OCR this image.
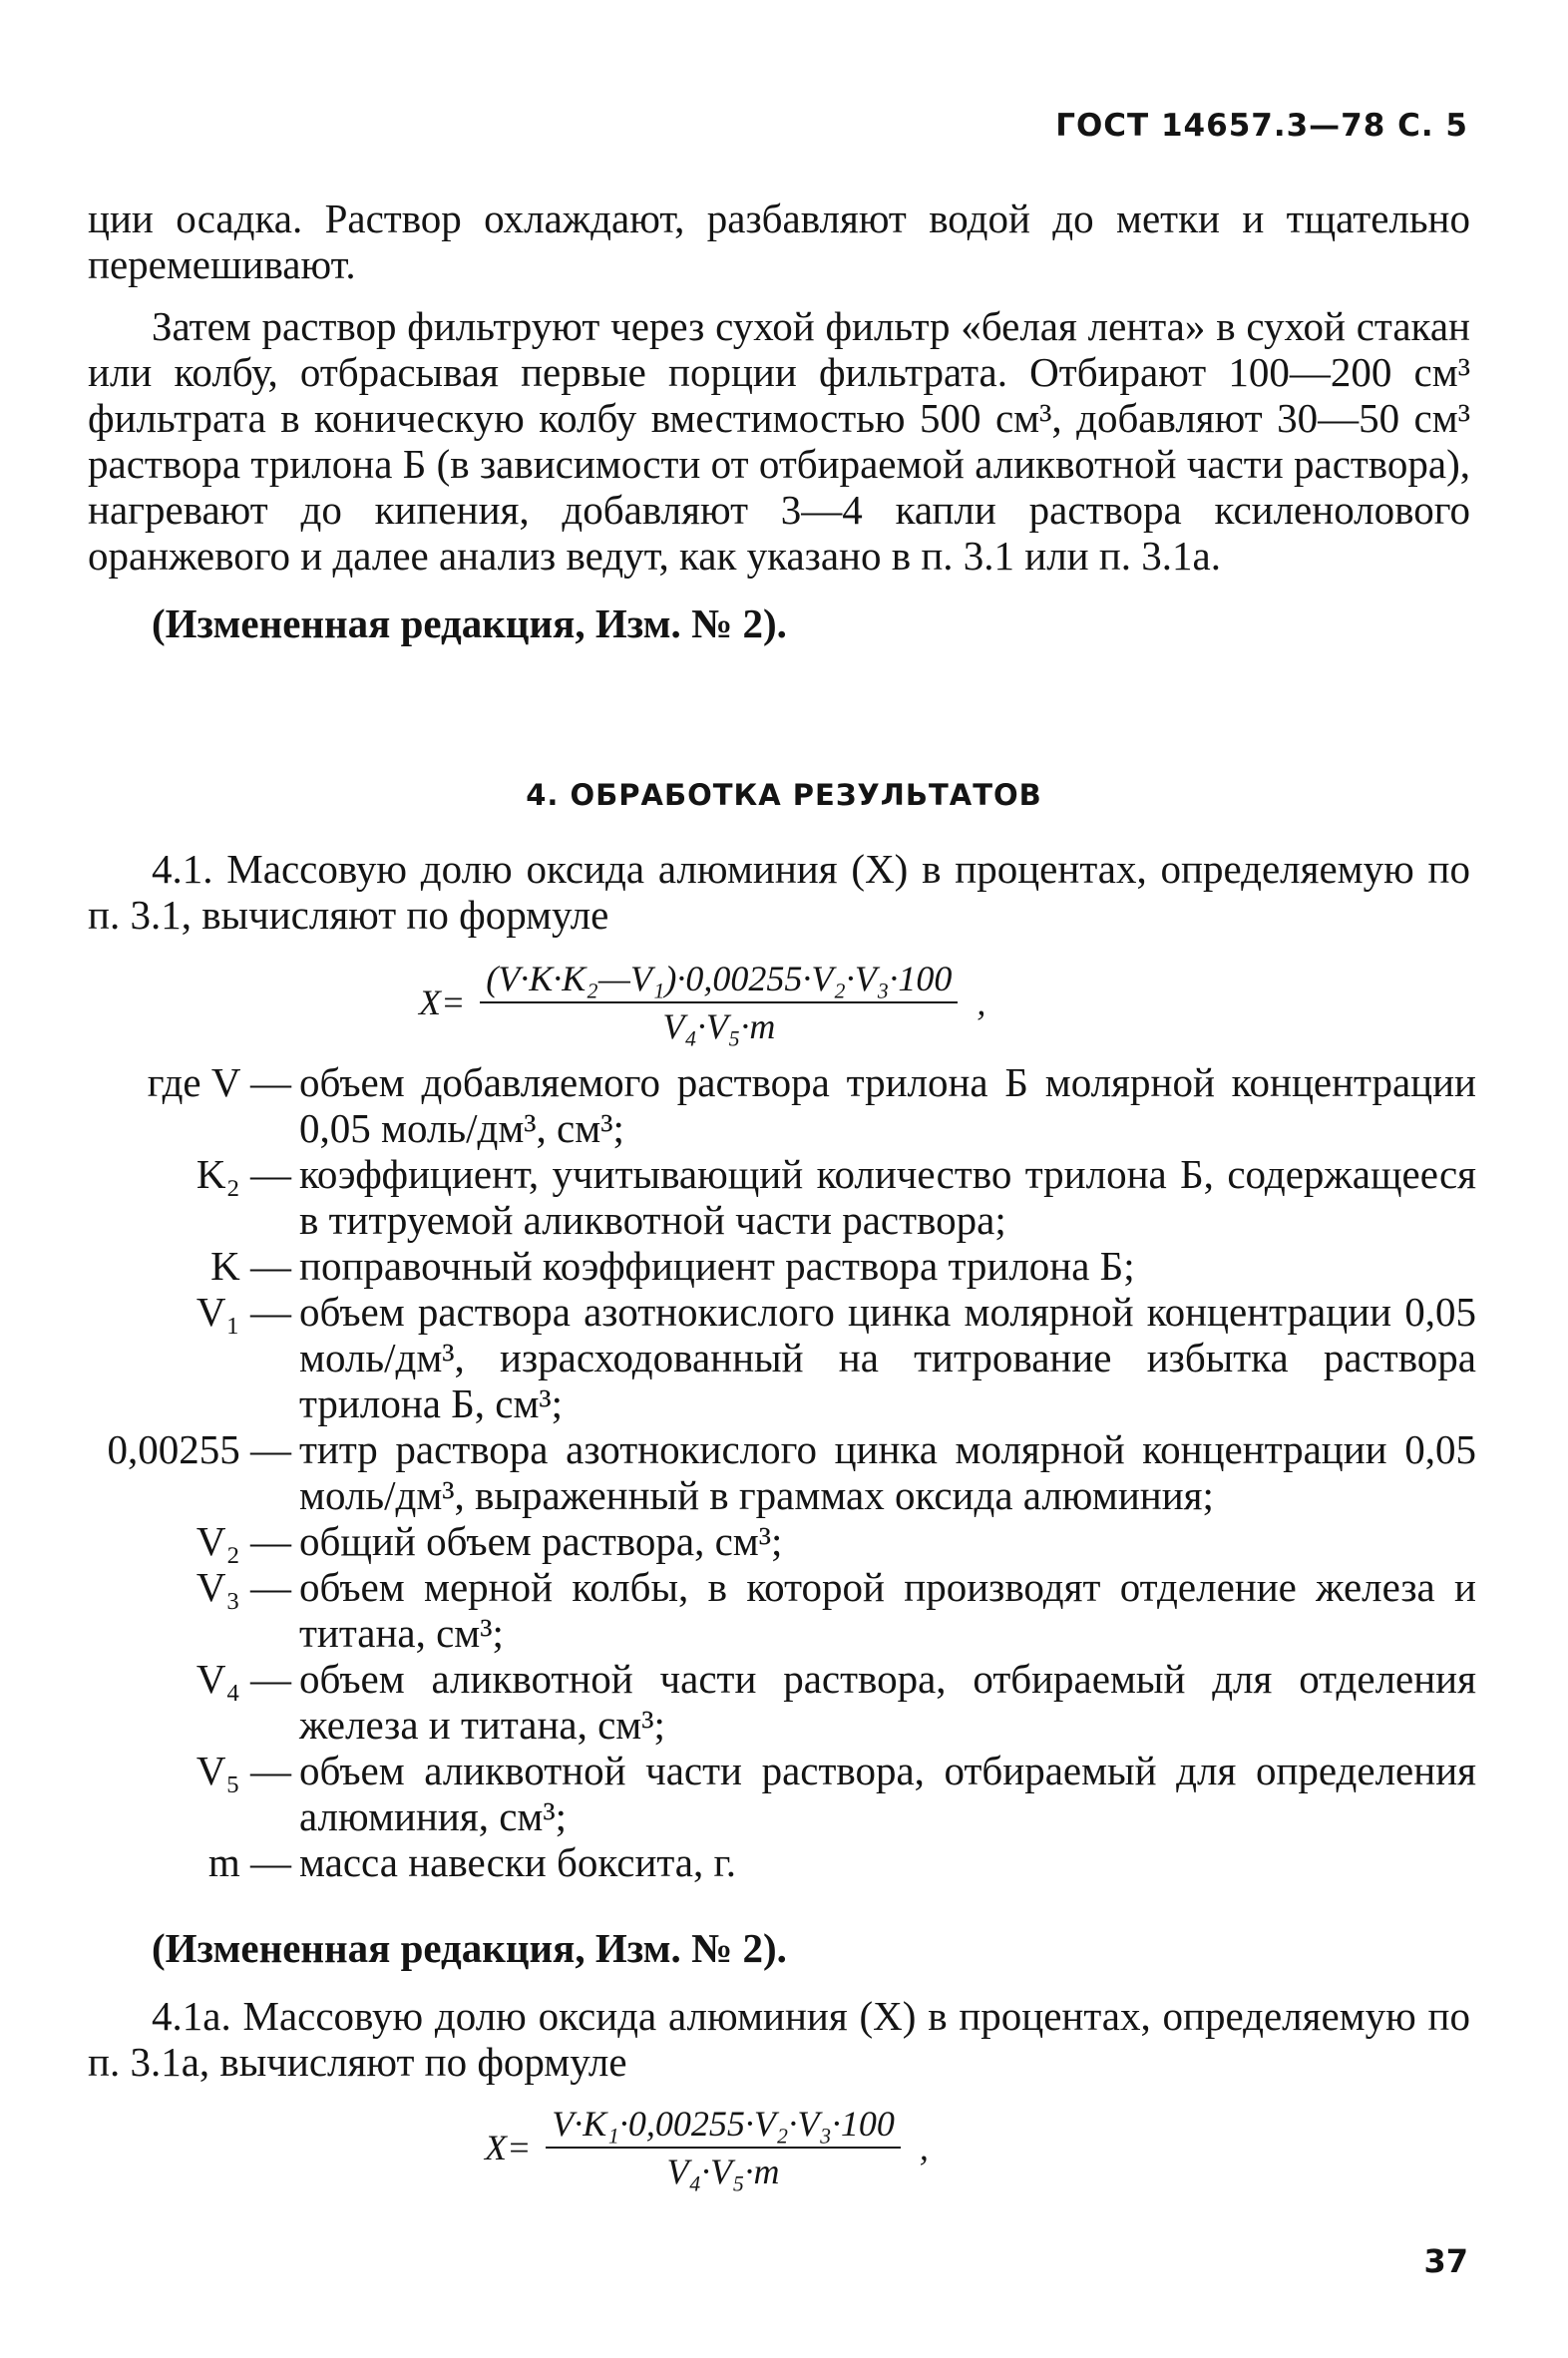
ГОСТ 14657.3—78 С. 5

ции осадка. Раствор охлаждают, разбавляют водой до метки и тщательно перемешивают.

Затем раствор фильтруют через сухой фильтр «белая лента» в сухой стакан или колбу, отбрасывая первые порции фильтрата. Отбирают 100—200 см³ фильтрата в коническую колбу вместимостью 500 см³, добавляют 30—50 см³ раствора трилона Б (в зависимости от отбираемой аликвотной части раствора), нагревают до кипения, добавляют 3—4 капли раствора ксиленолового оранжевого и далее анализ ведут, как указано в п. 3.1 или п. 3.1а.

(Измененная редакция, Изм. № 2).

4. ОБРАБОТКА РЕЗУЛЬТАТОВ

4.1. Массовую долю оксида алюминия (X) в процентах, определяемую по п. 3.1, вычисляют по формуле

$X= \frac{\text{(V·K·K₂—V₁)·0,00255·V₂·V₃·100}}{\text{V₄·V₅·m}}$ ,
где V — объем добавляемого раствора трилона Б молярной концентрации 0,05 моль/дм³, см³;
K₂ — коэффициент, учитывающий количество трилона Б, содержащееся в титруемой аликвотной части раствора;
K — поправочный коэффициент раствора трилона Б;
V₁ — объем раствора азотнокислого цинка молярной концентрации 0,05 моль/дм³, израсходованный на титрование избытка раствора трилона Б, см³;
0,00255 — титр раствора азотнокислого цинка молярной концентрации 0,05 моль/дм³, выраженный в граммах оксида алюминия;
V₂ — общий объем раствора, см³;
V₃ — объем мерной колбы, в которой производят отделение железа и титана, см³;
V₄ — объем аликвотной части раствора, отбираемый для отделения железа и титана, см³;
V₅ — объем аликвотной части раствора, отбираемый для определения алюминия, см³;
m — масса навески боксита, г.

(Измененная редакция, Изм. № 2).

4.1а. Массовую долю оксида алюминия (X) в процентах, определяемую по п. 3.1а, вычисляют по формуле

$X= \frac{\text{V·K₁·0,00255·V₂·V₃·100}}{\text{V₄·V₅·m}}$ ,
37
